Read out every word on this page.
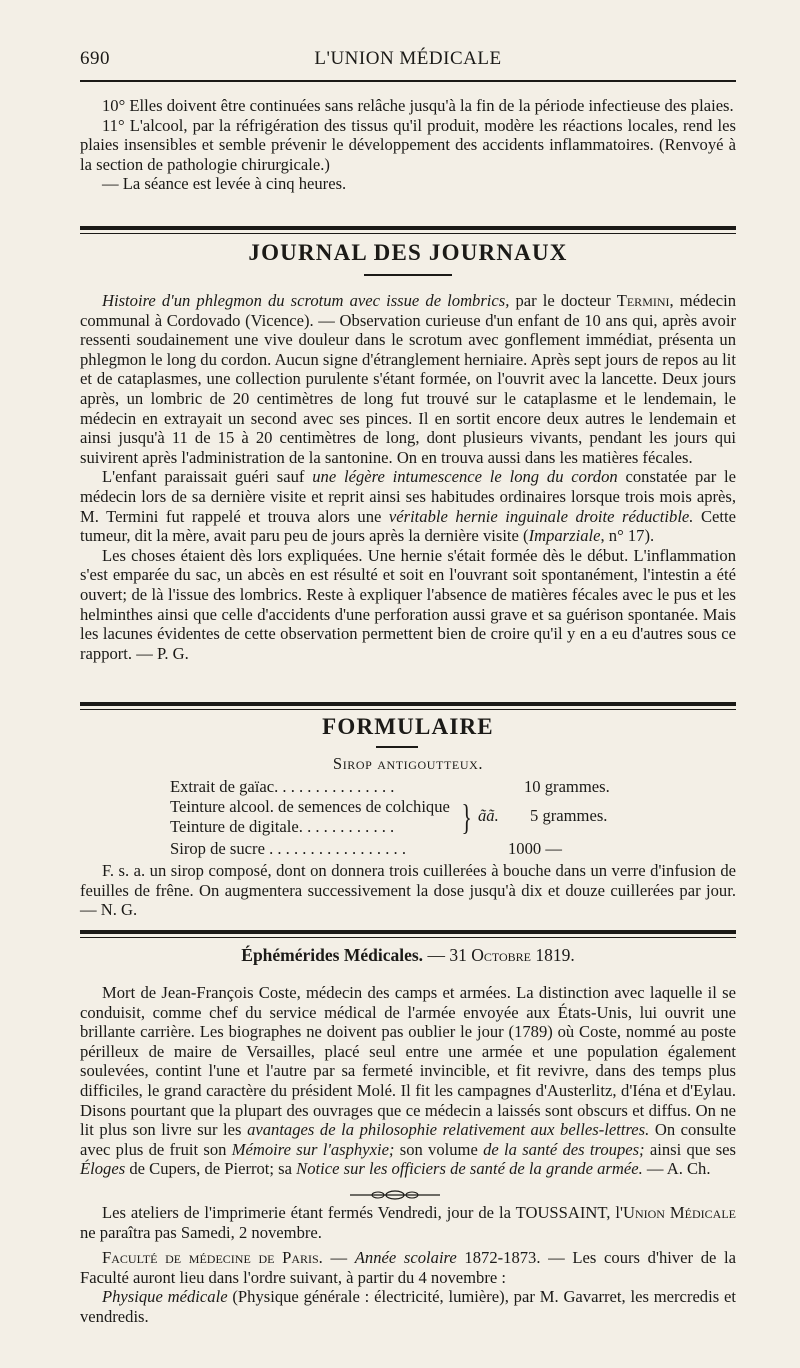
690	L'UNION MÉDICALE

10° Elles doivent être continuées sans relâche jusqu'à la fin de la période infectieuse des plaies.

11° L'alcool, par la réfrigération des tissus qu'il produit, modère les réactions locales, rend les plaies insensibles et semble prévenir le développement des accidents inflammatoires. (Renvoyé à la section de pathologie chirurgicale.)

— La séance est levée à cinq heures.

JOURNAL DES JOURNAUX

Histoire d'un phlegmon du scrotum avec issue de lombrics, par le docteur Termini, médecin communal à Cordovado (Vicence). — Observation curieuse d'un enfant de 10 ans qui, après avoir ressenti soudainement une vive douleur dans le scrotum avec gonflement immédiat, présenta un phlegmon le long du cordon. Aucun signe d'étranglement herniaire. Après sept jours de repos au lit et de cataplasmes, une collection purulente s'étant formée, on l'ouvrit avec la lancette. Deux jours après, un lombric de 20 centimètres de long fut trouvé sur le cataplasme et le lendemain, le médecin en extrayait un second avec ses pinces. Il en sortit encore deux autres le lendemain et ainsi jusqu'à 11 de 15 à 20 centimètres de long, dont plusieurs vivants, pendant les jours qui suivirent après l'administration de la santonine. On en trouva aussi dans les matières fécales.

L'enfant paraissait guéri sauf une légère intumescence le long du cordon constatée par le médecin lors de sa dernière visite et reprit ainsi ses habitudes ordinaires lorsque trois mois après, M. Termini fut rappelé et trouva alors une véritable hernie inguinale droite réductible. Cette tumeur, dit la mère, avait paru peu de jours après la dernière visite (Imparziale, n° 17).

Les choses étaient dès lors expliquées. Une hernie s'était formée dès le début. L'inflammation s'est emparée du sac, un abcès en est résulté et soit en l'ouvrant soit spontanément, l'intestin a été ouvert; de là l'issue des lombrics. Reste à expliquer l'absence de matières fécales avec le pus et les helminthes ainsi que celle d'accidents d'une perforation aussi grave et sa guérison spontanée. Mais les lacunes évidentes de cette observation permettent bien de croire qu'il y en a eu d'autres sous ce rapport. — P. G.

FORMULAIRE
Sirop antigoutteux.
Extrait de gaïac. . . . . . . . . . . . . . .	10 grammes.
Teinture alcool. de semences de colchique
Teinture de digitale. . . . . . . . . . . . } ãã. 5 grammes.
Sirop de sucre . . . . . . . . . . . . . . . . .	1000 —

F. s. a. un sirop composé, dont on donnera trois cuillerées à bouche dans un verre d'infusion de feuilles de frêne. On augmentera successivement la dose jusqu'à dix et douze cuillerées par jour. — N. G.

Éphémérides Médicales. — 31 Octobre 1819.

Mort de Jean-François Coste, médecin des camps et armées. La distinction avec laquelle il se conduisit, comme chef du service médical de l'armée envoyée aux États-Unis, lui ouvrit une brillante carrière. Les biographes ne doivent pas oublier le jour (1789) où Coste, nommé au poste périlleux de maire de Versailles, placé seul entre une armée et une population également soulevées, contint l'une et l'autre par sa fermeté invincible, et fit revivre, dans des temps plus difficiles, le grand caractère du président Molé. Il fit les campagnes d'Austerlitz, d'Iéna et d'Eylau. Disons pourtant que la plupart des ouvrages que ce médecin a laissés sont obscurs et diffus. On ne lit plus son livre sur les avantages de la philosophie relativement aux belles-lettres. On consulte avec plus de fruit son Mémoire sur l'asphyxie; son volume de la santé des troupes; ainsi que ses Éloges de Cupers, de Pierrot; sa Notice sur les officiers de santé de la grande armée. — A. Ch.

Les ateliers de l'imprimerie étant fermés Vendredi, jour de la TOUSSAINT, l'Union Médicale ne paraîtra pas Samedi, 2 novembre.

Faculté de médecine de Paris. — Année scolaire 1872-1873. — Les cours d'hiver de la Faculté auront lieu dans l'ordre suivant, à partir du 4 novembre :

Physique médicale (Physique générale : électricité, lumière), par M. Gavarret, les mercredis et vendredis.
